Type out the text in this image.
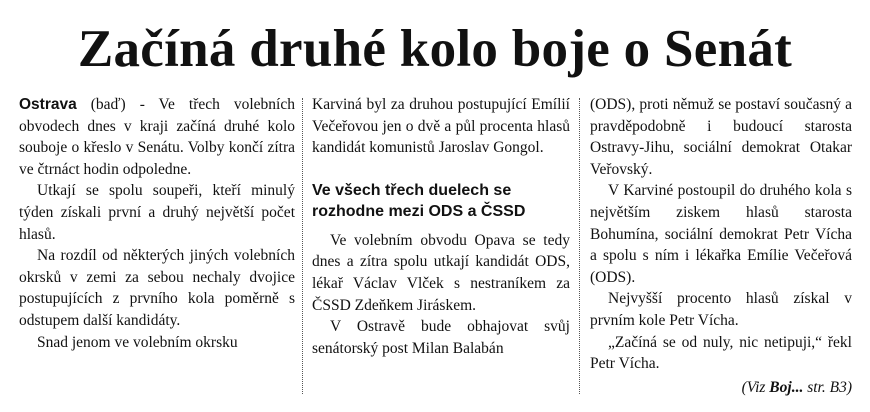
Začíná druhé kolo boje o Senát

Ostrava (baď) - Ve třech volebních obvodech dnes v kraji začíná druhé kolo souboje o křeslo v Senátu. Volby končí zítra ve čtrnáct hodin odpoledne.

Utkají se spolu soupeři, kteří minulý týden získali první a druhý největší počet hlasů.

Na rozdíl od některých jiných volebních okrsků v zemi za sebou nechaly dvojice postupujících z prvního kola poměrně s odstupem další kandidáty.

Snad jenom ve volebním okrsku

Karviná byl za druhou postupující Emílií Večeřovou jen o dvě a půl procenta hlasů kandidát komunistů Jaroslav Gongol.

Ve všech třech duelech se rozhodne mezi ODS a ČSSD

Ve volebním obvodu Opava se tedy dnes a zítra spolu utkají kandidát ODS, lékař Václav Vlček s nestraníkem za ČSSD Zdeňkem Jiráskem.

V Ostravě bude obhajovat svůj senátorský post Milan Balabán

(ODS), proti němuž se postaví současný a pravděpodobně i budoucí starosta Ostravy-Jihu, sociální demokrat Otakar Veřovský.

V Karviné postoupil do druhého kola s největším ziskem hlasů starosta Bohumína, sociální demokrat Petr Vícha a spolu s ním i lékařka Emílie Večeřová (ODS).

Nejvyšší procento hlasů získal v prvním kole Petr Vícha.

„Začíná se od nuly, nic netipuji,“ řekl Petr Vícha.

(Viz Boj... str. B3)
